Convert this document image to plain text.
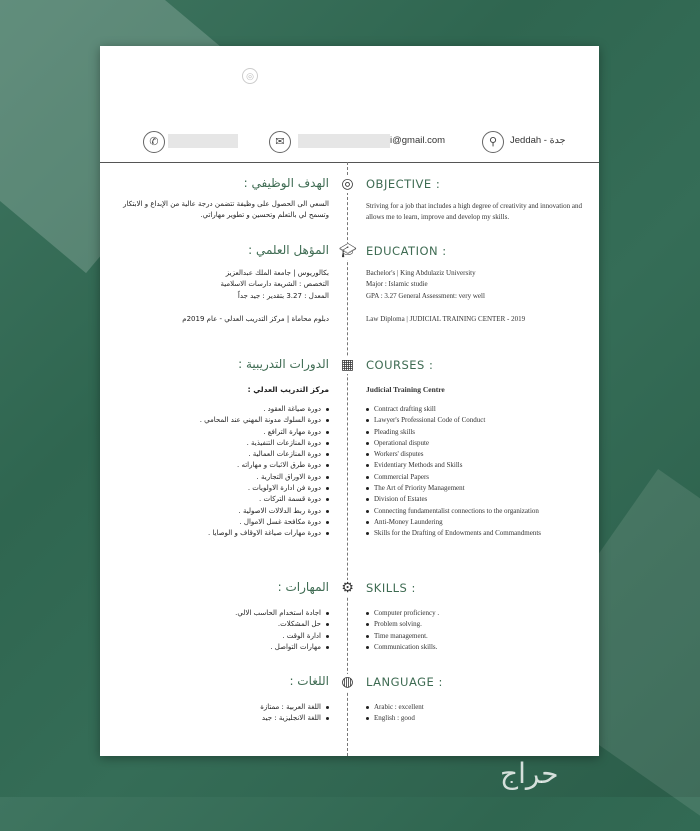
◎
✆	✉	i@gmail.com	⚲	Jeddah - جدة
◎ OBJECTIVE :
الهدف الوظيفي :
Striving for a job that includes a high degree of creativity and innovation and allows me to learn, improve and develop my skills.
السعي الى الحصول على وظيفة تتضمن درجة عالية من الإبداع و الابتكار وتسمح لي بالتعلم وتحسين و تطوير مهاراتي.
🎓︎ EDUCATION :
المؤهل العلمي :

Bachelor's | King Abdulaziz University

Major : Islamic studie

GPA : 3.27 General Assessment: very well

بكالوريوس | جامعة الملك عبدالعزيز

التخصص : الشريعة دارسات الاسلامية

المعدل : 3.27 بتقدير : جيد جداً

Law Diploma | JUDICIAL TRAINING CENTER - 2019
دبلوم محاماة | مركز التدريب العدلي - عام 2019م
▦ COURSES :
الدورات التدريبية :
Judicial Training Centre
مركز التدريب العدلي :
Contract drafting skill
Lawyer's Professional Code of Conduct
Pleading skills
Operational dispute
Workers' disputes
Evidentiary Methods and Skills
Commercial Papers
The Art of Priority Management
Division of Estates
Connecting fundamentalist connections to the organization
Anti-Money Laundering
Skills for the Drafting of Endowments and Commandments
دورة صياغة العقود .
دورة السلوك مدونة المهني عند المحامي .
دورة مهارة الترافع .
دورة المنازعات التنفيذية .
دورة المنازعات العمالية .
دورة طرق الاثبات و مهاراته .
دورة الاوراق التجارية .
دورة فن ادارة الاولويات .
دورة قسمة التركات .
دورة ربط الدلالات الاصولية .
دورة مكافحة غسل الاموال .
دورة مهارات صياغة الاوقاف و الوصايا .
⚙ SKILLS :
المهارات :
Computer proficiency .
Problem solving.
Time management.
Communication skills.
اجادة استخدام الحاسب الالي.
حل المشكلات.
ادارة الوقت .
مهارات التواصل .
◍ LANGUAGE :
اللغات :
Arabic : excellent
English : good
اللغة العربية : ممتازة
اللغة الانجليزية : جيد
حراج
